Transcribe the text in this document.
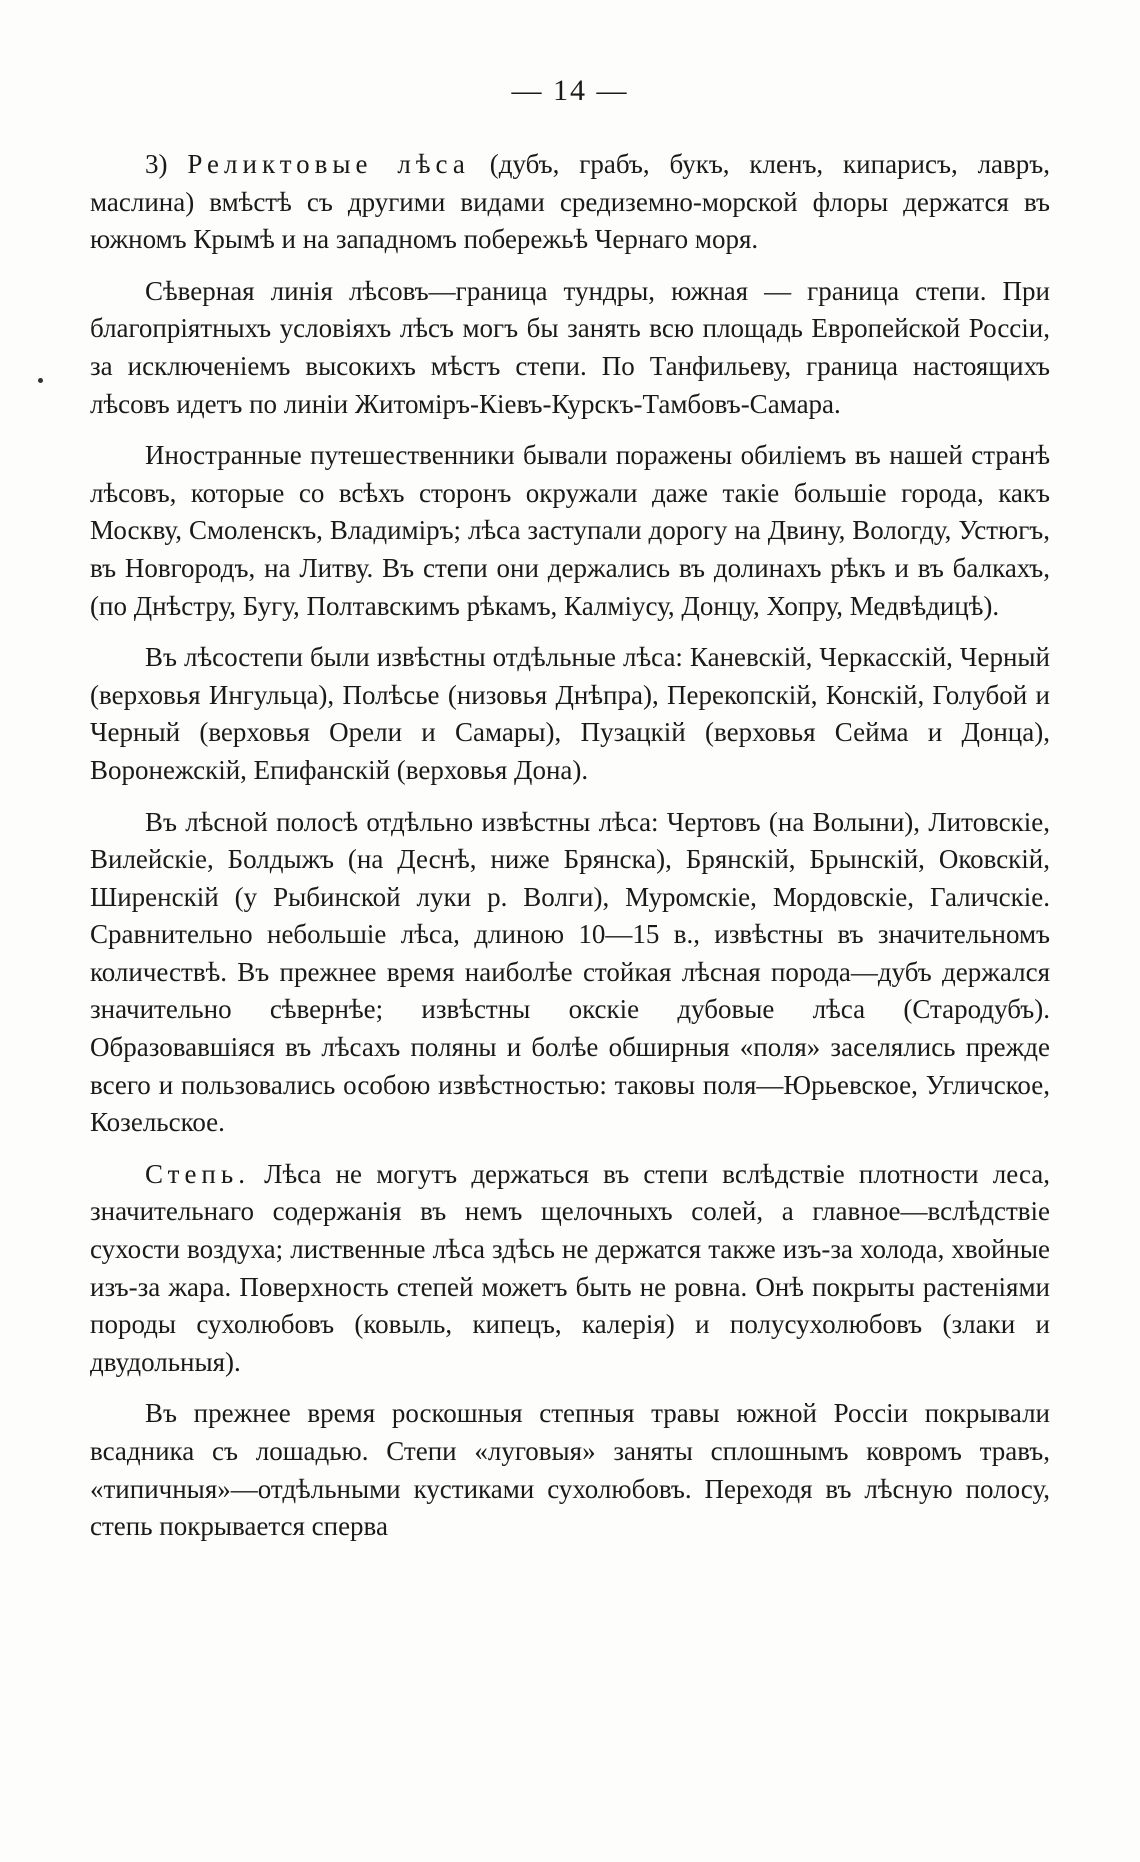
— 14 —

3) Реликтовые лѣса (дубъ, грабъ, букъ, кленъ, кипарисъ, лавръ, маслина) вмѣстѣ съ другими видами средиземно-морской флоры держатся въ южномъ Крымѣ и на западномъ побережьѣ Чернаго моря.

Сѣверная линія лѣсовъ—граница тундры, южная — граница степи. При благопріятныхъ условіяхъ лѣсъ могъ бы занять всю площадь Европейской Россіи, за исключеніемъ высокихъ мѣстъ степи. По Танфильеву, граница настоящихъ лѣсовъ идетъ по линіи Житоміръ-Кіевъ-Курскъ-Тамбовъ-Самара.

Иностранные путешественники бывали поражены обиліемъ въ нашей странѣ лѣсовъ, которые со всѣхъ сторонъ окружали даже такіе большіе города, какъ Москву, Смоленскъ, Владиміръ; лѣса заступали дорогу на Двину, Вологду, Устюгъ, въ Новгородъ, на Литву. Въ степи они держались въ долинахъ рѣкъ и въ балкахъ, (по Днѣстру, Бугу, Полтавскимъ рѣкамъ, Калміусу, Донцу, Хопру, Медвѣдицѣ).

Въ лѣсостепи были извѣстны отдѣльные лѣса: Каневскій, Черкасскій, Черный (верховья Ингульца), Полѣсье (низовья Днѣпра), Перекопскій, Конскій, Голубой и Черный (верховья Орели и Самары), Пузацкій (верховья Сейма и Донца), Воронежскій, Епифанскій (верховья Дона).

Въ лѣсной полосѣ отдѣльно извѣстны лѣса: Чертовъ (на Волыни), Литовскіе, Вилейскіе, Болдыжъ (на Деснѣ, ниже Брянска), Брянскій, Брынскій, Оковскій, Ширенскій (у Рыбинской луки р. Волги), Муромскіе, Мордовскіе, Галичскіе. Сравнительно небольшіе лѣса, длиною 10—15 в., извѣстны въ значительномъ количествѣ. Въ прежнее время наиболѣе стойкая лѣсная порода—дубъ держался значительно сѣвернѣе; извѣстны окскіе дубовые лѣса (Стародубъ). Образовавшіяся въ лѣсахъ поляны и болѣе обширныя «поля» заселялись прежде всего и пользовались особою извѣстностью: таковы поля—Юрьевское, Угличское, Козельское.

Степь. Лѣса не могутъ держаться въ степи вслѣдствіе плотности леса, значительнаго содержанія въ немъ щелочныхъ солей, а главное—вслѣдствіе сухости воздуха; лиственные лѣса здѣсь не держатся также изъ-за холода, хвойные изъ-за жара. Поверхность степей можетъ быть не ровна. Онѣ покрыты растеніями породы сухолюбовъ (ковыль, кипецъ, калерія) и полусухолюбовъ (злаки и двудольныя).

Въ прежнее время роскошныя степныя травы южной Россіи покрывали всадника съ лошадью. Степи «луговыя» заняты сплошнымъ ковромъ травъ, «типичныя»—отдѣльными кустиками сухолюбовъ. Переходя въ лѣсную полосу, степь покрывается сперва
